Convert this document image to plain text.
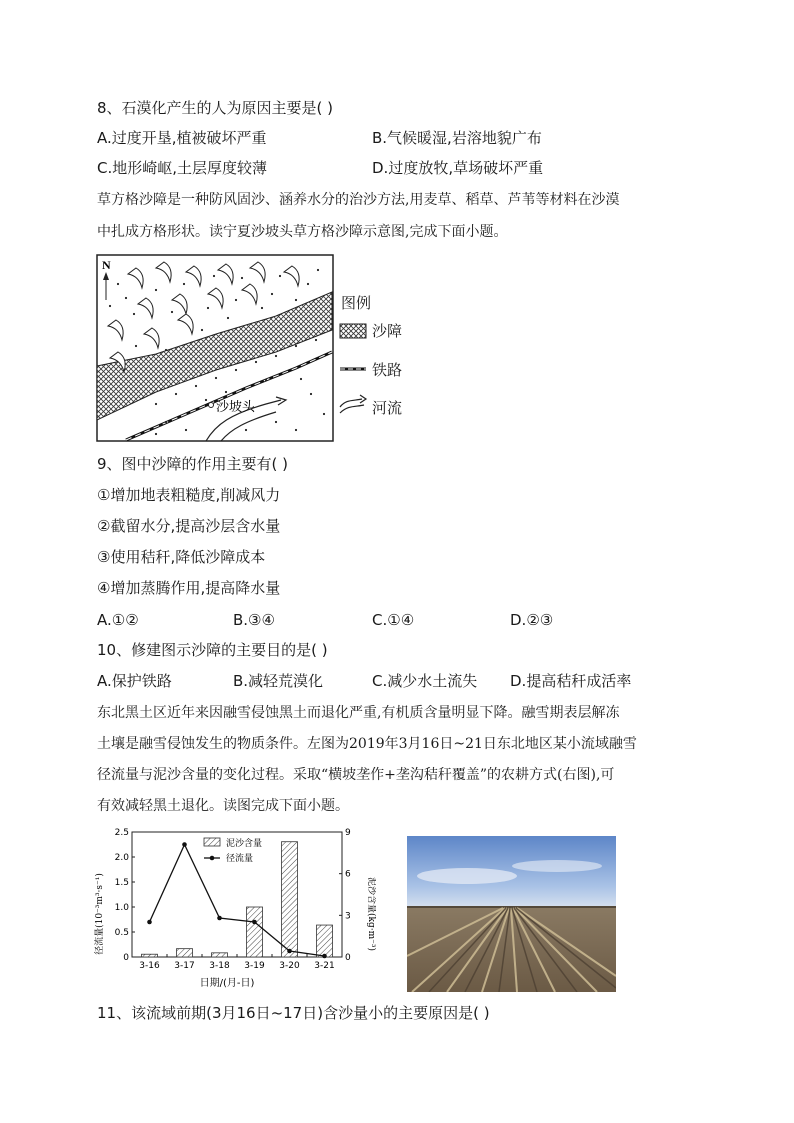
8、石漠化产生的人为原因主要是( )
A.过度开垦,植被破坏严重	B.气候暖湿,岩溶地貌广布
C.地形崎岖,土层厚度较薄	D.过度放牧,草场破坏严重
草方格沙障是一种防风固沙、涵养水分的治沙方法,用麦草、稻草、芦苇等材料在沙漠
中扎成方格形状。读宁夏沙坡头草方格沙障示意图,完成下面小题。
N
沙坡头
图例
沙障
铁路
河流
9、图中沙障的作用主要有( )
①增加地表粗糙度,削减风力
②截留水分,提高沙层含水量
③使用秸秆,降低沙障成本
④增加蒸腾作用,提高降水量
A.①②	B.③④	C.①④	D.②③
10、修建图示沙障的主要目的是( )
A.保护铁路	B.减轻荒漠化	C.减少水土流失 D.提高秸秆成活率
东北黑土区近年来因融雪侵蚀黑土而退化严重,有机质含量明显下降。融雪期表层解冻
土壤是融雪侵蚀发生的物质条件。左图为2019年3月16日~21日东北地区某小流域融雪
径流量与泥沙含量的变化过程。采取“横坡垄作+垄沟秸秆覆盖”的农耕方式(右图),可
有效减轻黑土退化。读图完成下面小题。
径流量(10⁻³m³·s⁻¹)	泥沙含量(kg·m⁻³)
日期/(月-日)
0
0.5
1.0
1.5
2.0
2.5
0
3
6
9
3-16 3-17 3-18 3-19 3-20 3-21
泥沙含量
径流量
11、该流域前期(3月16日~17日)含沙量小的主要原因是( )
